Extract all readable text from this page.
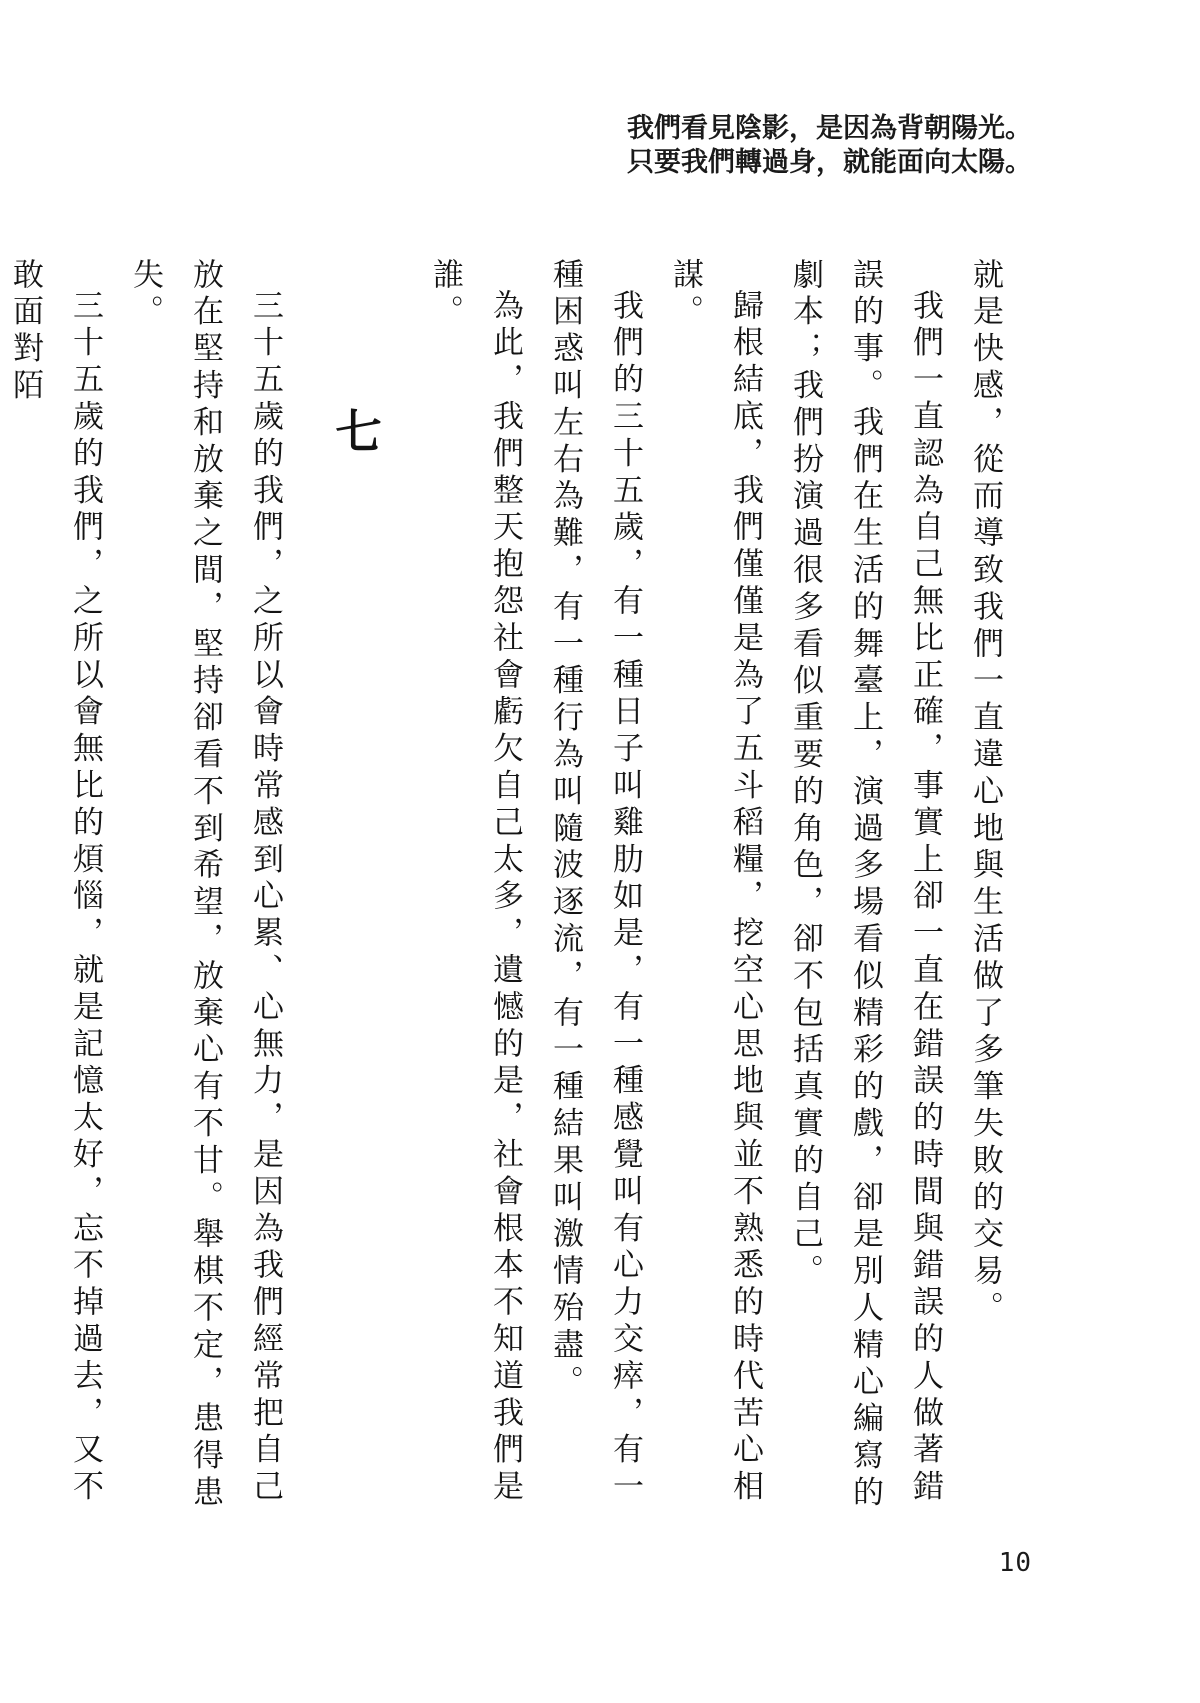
我們看見陰影，是因為背朝陽光。
只要我們轉過身，就能面向太陽。

就是快感，從而導致我們一直違心地與生活做了多筆失敗的交易。

我們一直認為自己無比正確，事實上卻一直在錯誤的時間與錯誤的人做著錯誤的事。我們在生活的舞臺上，演過多場看似精彩的戲，卻是別人精心編寫的劇本；我們扮演過很多看似重要的角色，卻不包括真實的自己。

歸根結底，我們僅僅是為了五斗稻糧，挖空心思地與並不熟悉的時代苦心相謀。

我們的三十五歲，有一種日子叫雞肋如是，有一種感覺叫有心力交瘁，有一種困惑叫左右為難，有一種行為叫隨波逐流，有一種結果叫激情殆盡。

為此，我們整天抱怨社會虧欠自己太多，遺憾的是，社會根本不知道我們是誰。

七

三十五歲的我們，之所以會時常感到心累、心無力，是因為我們經常把自己放在堅持和放棄之間，堅持卻看不到希望，放棄心有不甘。舉棋不定，患得患失。

三十五歲的我們，之所以會無比的煩惱，就是記憶太好，忘不掉過去，又不敢面對陌

10
